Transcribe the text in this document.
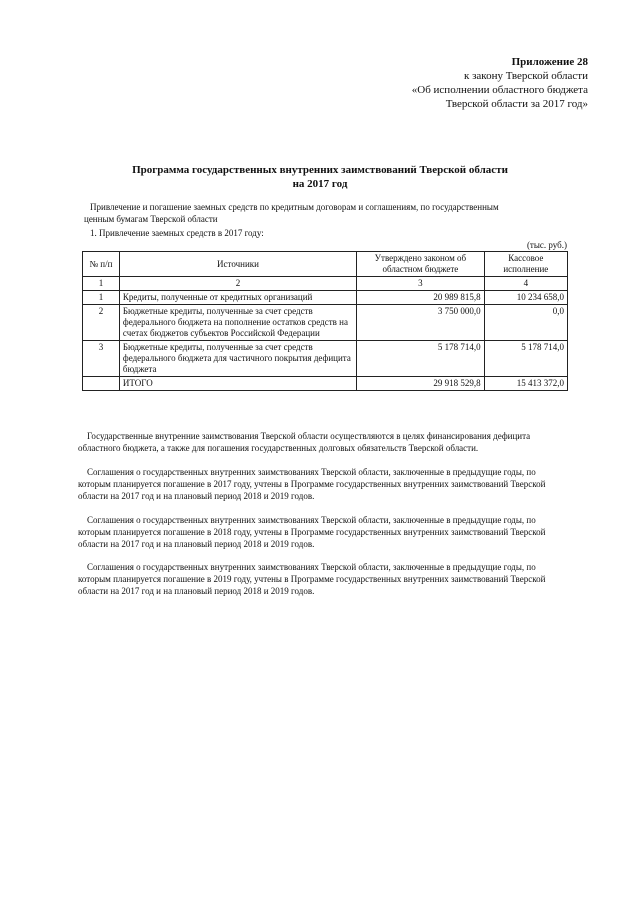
Приложение 28
к закону Тверской области
«Об исполнении областного бюджета
Тверской области за 2017 год»
Программа государственных внутренних заимствований Тверской области
на 2017 год
Привлечение и погашение заемных средств по кредитным договорам и соглашениям, по государственным
ценным бумагам Тверской области
1. Привлечение заемных средств в 2017 году:
(тыс. руб.)
№ п/п	Источники	Утверждено законом об областном бюджете	Кассовое исполнение
1	2	3	4
1	Кредиты, полученные от кредитных организаций	20 989 815,8	10 234 658,0
2	Бюджетные кредиты, полученные за счет средств федерального бюджета на пополнение остатков средств на счетах бюджетов субъектов Российской Федерации	3 750 000,0	0,0
3	Бюджетные кредиты, полученные за счет средств федерального бюджета для частичного покрытия дефицита бюджета	5 178 714,0	5 178 714,0
	ИТОГО	29 918 529,8	15 413 372,0
Государственные внутренние заимствования Тверской области осуществляются в целях финансирования дефицита областного бюджета, а также для погашения государственных долговых обязательств Тверской области.
Соглашения о государственных внутренних заимствованиях Тверской области, заключенные в предыдущие годы, по которым планируется погашение в 2017 году, учтены в Программе государственных внутренних заимствований Тверской области на 2017 год и на плановый период 2018 и 2019 годов.
Соглашения о государственных внутренних заимствованиях Тверской области, заключенные в предыдущие годы, по которым планируется погашение в 2018 году, учтены в Программе государственных внутренних заимствований Тверской области на 2017 год и на плановый период 2018 и 2019 годов.
Соглашения о государственных внутренних заимствованиях Тверской области, заключенные в предыдущие годы, по которым планируется погашение в 2019 году, учтены в Программе государственных внутренних заимствований Тверской области на 2017 год и на плановый период 2018 и 2019 годов.
